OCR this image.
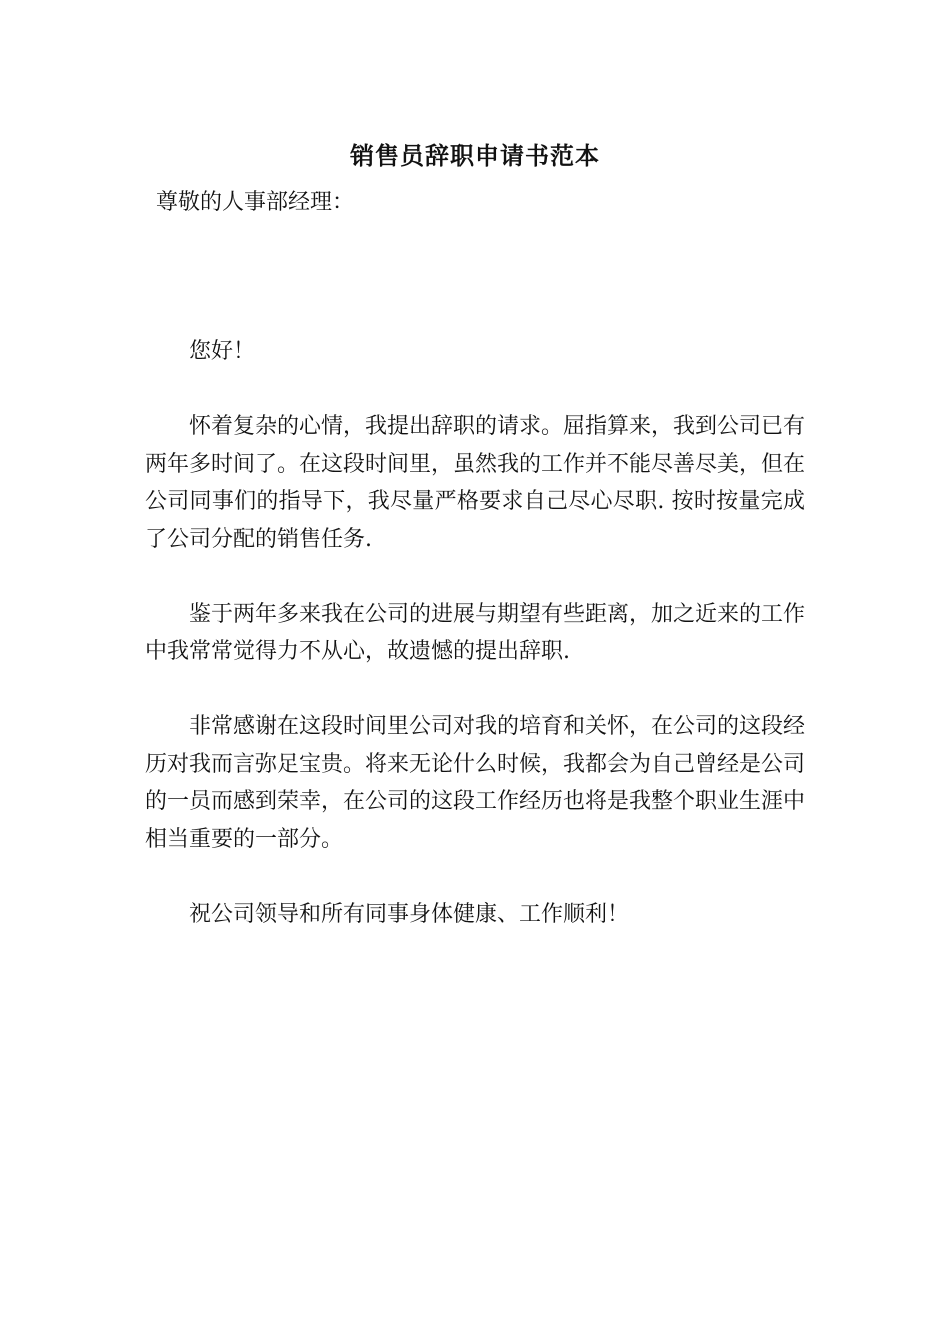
销售员辞职申请书范本
尊敬的人事部经理：

您好！

怀着复杂的心情，我提出辞职的请求。屈指算来，我到公司已有两年多时间了。在这段时间里，虽然我的工作并不能尽善尽美，但在公司同事们的指导下，我尽量严格要求自己尽心尽职. 按时按量完成了公司分配的销售任务.

鉴于两年多来我在公司的进展与期望有些距离，加之近来的工作中我常常觉得力不从心，故遗憾的提出辞职.

非常感谢在这段时间里公司对我的培育和关怀，在公司的这段经历对我而言弥足宝贵。将来无论什么时候，我都会为自己曾经是公司的一员而感到荣幸，在公司的这段工作经历也将是我整个职业生涯中相当重要的一部分。

祝公司领导和所有同事身体健康、工作顺利！
